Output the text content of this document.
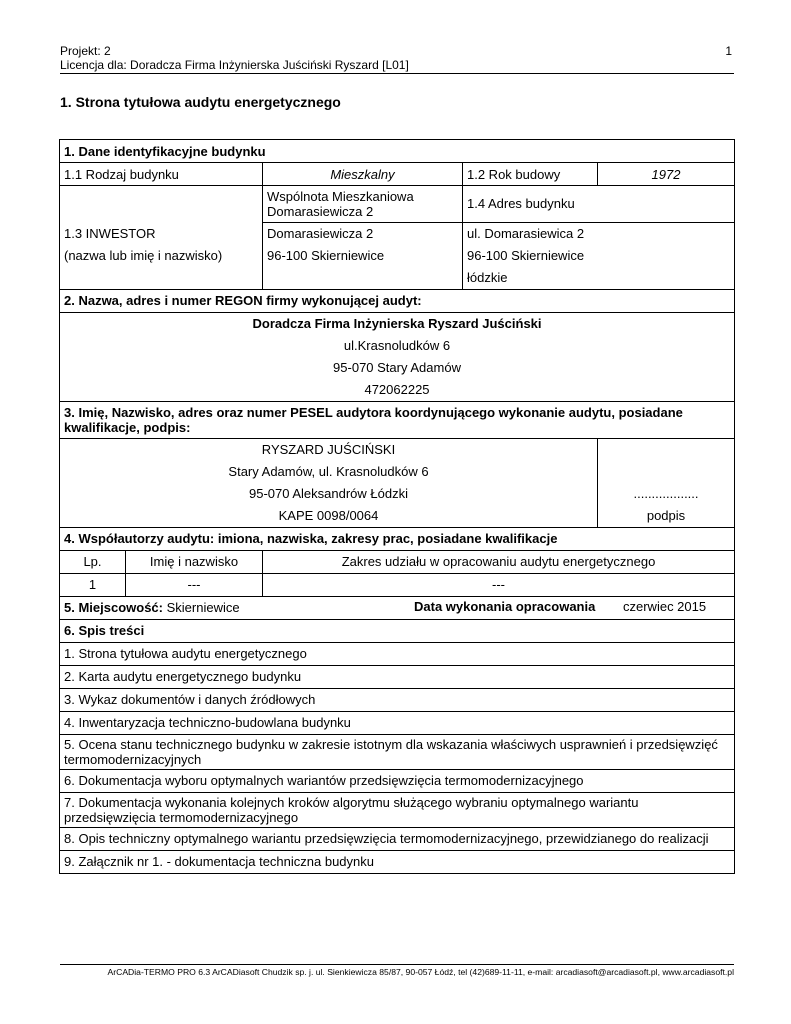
Projekt: 2
Licencja dla: Doradcza Firma Inżynierska Juściński Ryszard [L01]
1
1. Strona tytułowa audytu energetycznego
1. Dane identyfikacyjne budynku				
1.1 Rodzaj budynku		Mieszkalny	1.2 Rok budowy	1972
		Wspólnota Mieszkaniowa Domarasiewicza 2	1.4 Adres budynku	
1.3 INWESTOR		Domarasiewicza 2	ul. Domarasiewica 2	
(nazwa lub imię i nazwisko)		96-100 Skierniewice	96-100 Skierniewice	
			łódzkie	
2. Nazwa, adres i numer REGON firmy wykonującej audyt:				
Doradcza Firma Inżynierska Ryszard Juściński				
ul.Krasnoludków 6				
95-070 Stary Adamów				
472062225				
3. Imię, Nazwisko, adres oraz numer PESEL audytora koordynującego wykonanie audytu, posiadane kwalifikacje, podpis:				
RYSZARD JUŚCIŃSKI				
Stary Adamów, ul. Krasnoludków 6				
95-070 Aleksandrów Łódzki				..................
KAPE 0098/0064				podpis
4. Współautorzy audytu: imiona, nazwiska, zakresy prac, posiadane kwalifikacje				
Lp.	Imię i nazwisko	Zakres udziału w opracowaniu audytu energetycznego		
1	---	---		
5. Miejscowość: Skierniewice Data wykonania opracowania czerwiec 2015				

6. Spis treści				
1. Strona tytułowa audytu energetycznego				
2. Karta audytu energetycznego budynku				
3. Wykaz dokumentów i danych źródłowych				
4. Inwentaryzacja techniczno-budowlana budynku				
5. Ocena stanu technicznego budynku w zakresie istotnym dla wskazania właściwych usprawnień i przedsięwzięć termomodernizacyjnych				
6. Dokumentacja wyboru optymalnych wariantów przedsięwzięcia termomodernizacyjnego				
7. Dokumentacja wykonania kolejnych kroków algorytmu służącego wybraniu optymalnego wariantu przedsięwzięcia termomodernizacyjnego				
8. Opis techniczny optymalnego wariantu przedsięwzięcia termomodernizacyjnego, przewidzianego do realizacji				
9. Załącznik nr 1. - dokumentacja techniczna budynku				
ArCADia-TERMO PRO 6.3 ArCADiasoft Chudzik sp. j. ul. Sienkiewicza 85/87, 90-057 Łódź, tel (42)689-11-11, e-mail: arcadiasoft@arcadiasoft.pl, www.arcadiasoft.pl
